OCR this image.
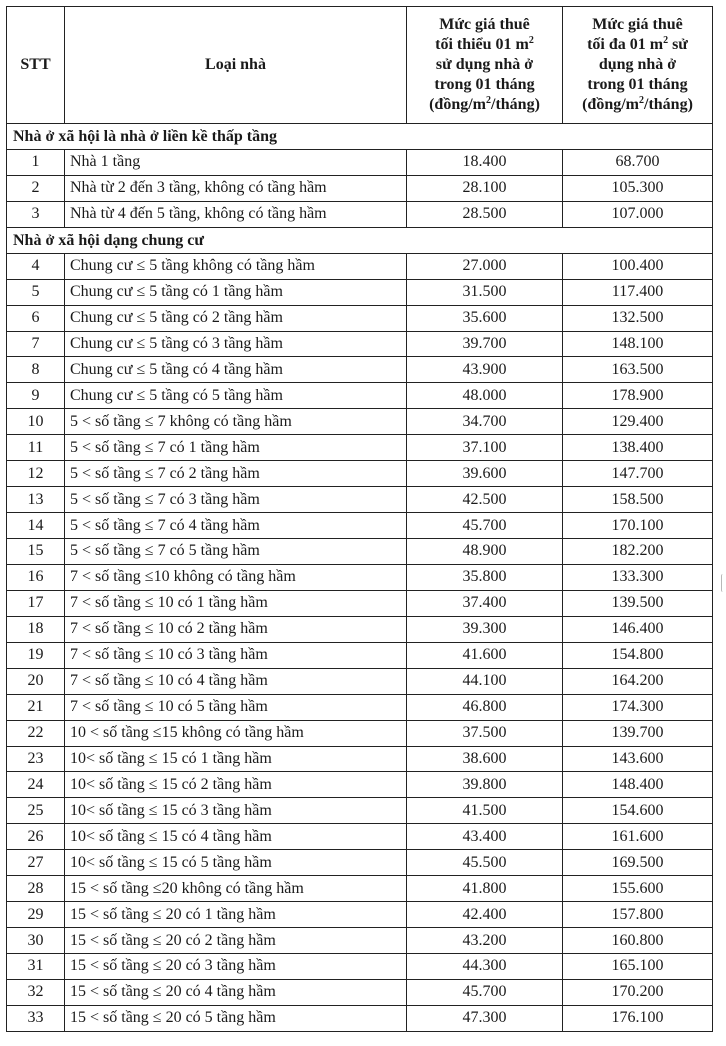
STT	Loại nhà	Mức giá thuê
tối thiểu 01 $m^2$
sử dụng nhà ở
trong 01 tháng
$(đồng/m^2/tháng)$	Mức giá thuê
tối đa 01 $m^2$ sử
dụng nhà ở
trong 01 tháng
$(đồng/m^2/tháng)$

Nhà ở xã hội là nhà ở liền kề thấp tầng			
1	Nhà 1 tầng	18.400	68.700
2	Nhà từ 2 đến 3 tầng, không có tầng hầm	28.100	105.300
3	Nhà từ 4 đến 5 tầng, không có tầng hầm	28.500	107.000
Nhà ở xã hội dạng chung cư			
4	Chung cư ≤ 5 tầng không có tầng hầm	27.000	100.400
5	Chung cư ≤ 5 tầng có 1 tầng hầm	31.500	117.400
6	Chung cư ≤ 5 tầng có 2 tầng hầm	35.600	132.500
7	Chung cư ≤ 5 tầng có 3 tầng hầm	39.700	148.100
8	Chung cư ≤ 5 tầng có 4 tầng hầm	43.900	163.500
9	Chung cư ≤ 5 tầng có 5 tầng hầm	48.000	178.900
10	5 < số tầng ≤ 7 không có tầng hầm	34.700	129.400
11	5 < số tầng ≤ 7 có 1 tầng hầm	37.100	138.400
12	5 < số tầng ≤ 7 có 2 tầng hầm	39.600	147.700
13	5 < số tầng ≤ 7 có 3 tầng hầm	42.500	158.500
14	5 < số tầng ≤ 7 có 4 tầng hầm	45.700	170.100
15	5 < số tầng ≤ 7 có 5 tầng hầm	48.900	182.200
16	7 < số tầng ≤10 không có tầng hầm	35.800	133.300
17	7 < số tầng ≤ 10 có 1 tầng hầm	37.400	139.500
18	7 < số tầng ≤ 10 có 2 tầng hầm	39.300	146.400
19	7 < số tầng ≤ 10 có 3 tầng hầm	41.600	154.800
20	7 < số tầng ≤ 10 có 4 tầng hầm	44.100	164.200
21	7 < số tầng ≤ 10 có 5 tầng hầm	46.800	174.300
22	10 < số tầng ≤15 không có tầng hầm	37.500	139.700
23	10< số tầng ≤ 15 có 1 tầng hầm	38.600	143.600
24	10< số tầng ≤ 15 có 2 tầng hầm	39.800	148.400
25	10< số tầng ≤ 15 có 3 tầng hầm	41.500	154.600
26	10< số tầng ≤ 15 có 4 tầng hầm	43.400	161.600
27	10< số tầng ≤ 15 có 5 tầng hầm	45.500	169.500
28	15 < số tầng ≤20 không có tầng hầm	41.800	155.600
29	15 < số tầng ≤ 20 có 1 tầng hầm	42.400	157.800
30	15 < số tầng ≤ 20 có 2 tầng hầm	43.200	160.800
31	15 < số tầng ≤ 20 có 3 tầng hầm	44.300	165.100
32	15 < số tầng ≤ 20 có 4 tầng hầm	45.700	170.200
33	15 < số tầng ≤ 20 có 5 tầng hầm	47.300	176.100
